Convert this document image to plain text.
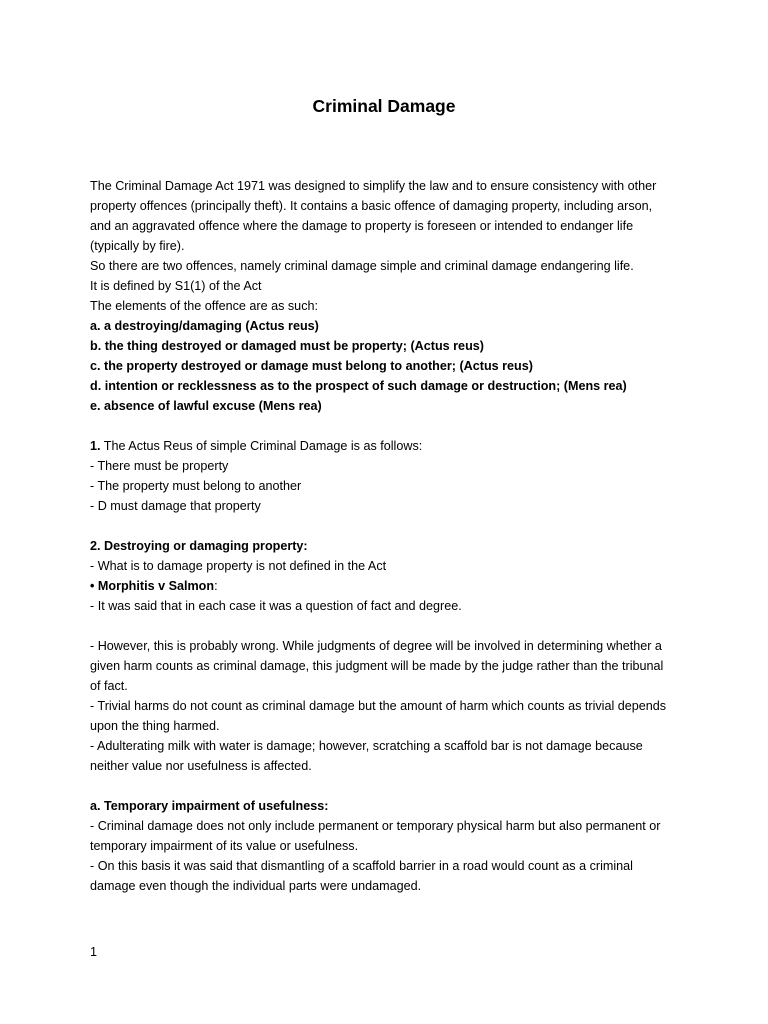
Criminal Damage
The Criminal Damage Act 1971 was designed to simplify the law and to ensure consistency with other
property offences (principally theft). It contains a basic offence of damaging property, including arson,
and an aggravated offence where the damage to property is foreseen or intended to endanger life
(typically by fire).
So there are two offences, namely criminal damage simple and criminal damage endangering life.
It is defined by S1(1) of the Act
The elements of the offence are as such:
a. a destroying/damaging (Actus reus)
b. the thing destroyed or damaged must be property; (Actus reus)
c. the property destroyed or damage must belong to another; (Actus reus)
d. intention or recklessness as to the prospect of such damage or destruction; (Mens rea)
e. absence of lawful excuse (Mens rea)
1. The Actus Reus of simple Criminal Damage is as follows:
- There must be property
- The property must belong to another
- D must damage that property
2. Destroying or damaging property:
- What is to damage property is not defined in the Act
• Morphitis v Salmon:
- It was said that in each case it was a question of fact and degree.
- However, this is probably wrong. While judgments of degree will be involved in determining whether a
given harm counts as criminal damage, this judgment will be made by the judge rather than the tribunal
of fact.
- Trivial harms do not count as criminal damage but the amount of harm which counts as trivial depends
upon the thing harmed.
- Adulterating milk with water is damage; however, scratching a scaffold bar is not damage because
neither value nor usefulness is affected.
a. Temporary impairment of usefulness:
- Criminal damage does not only include permanent or temporary physical harm but also permanent or
temporary impairment of its value or usefulness.
- On this basis it was said that dismantling of a scaffold barrier in a road would count as a criminal
damage even though the individual parts were undamaged.
1
